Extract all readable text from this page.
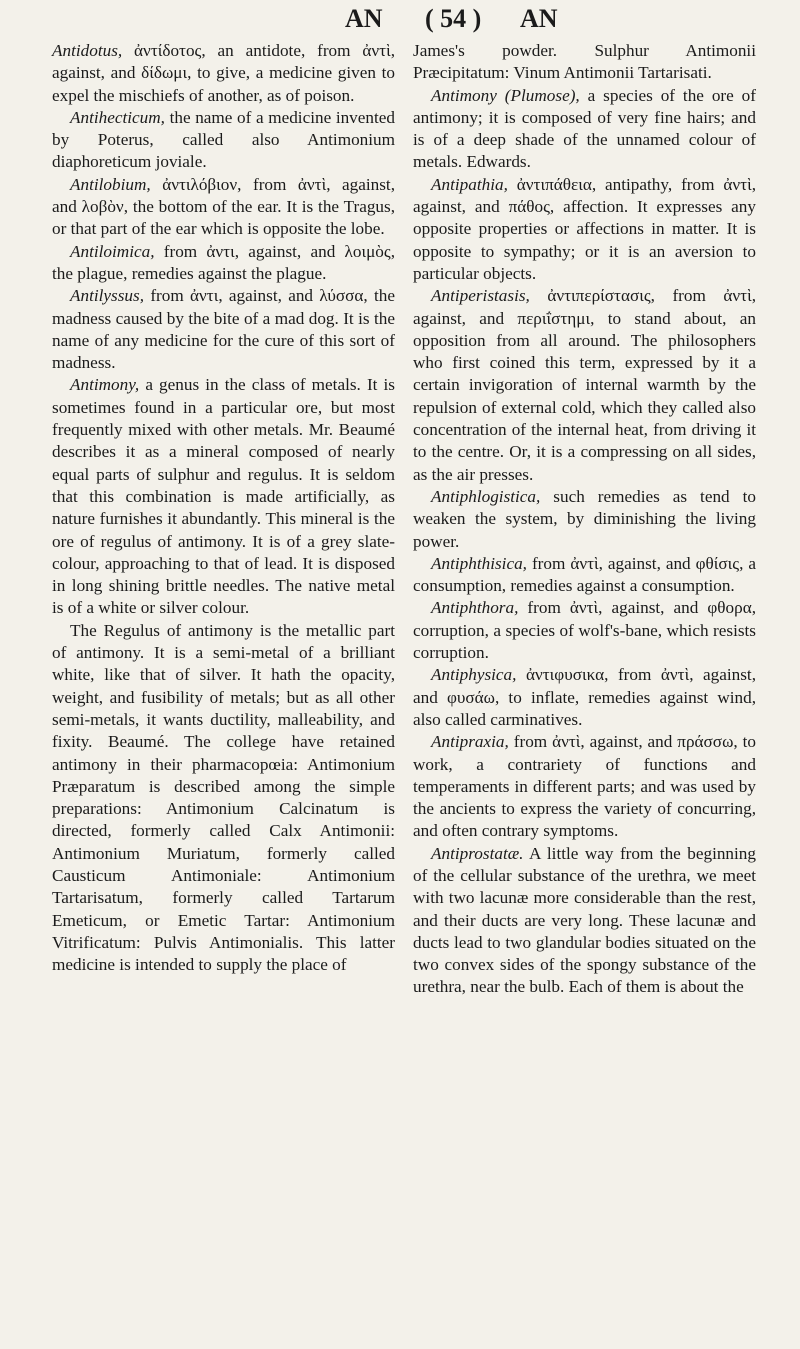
AN ( 54 ) AN

Antidotus, ἀντίδοτος, an antidote, from ἀντὶ, against, and δίδωμι, to give, a medicine given to expel the mischiefs of another, as of poison.

Antihecticum, the name of a medicine invented by Poterus, called also Antimonium diaphoreticum joviale.

Antilobium, ἀντιλόβιον, from ἀντὶ, against, and λοβὸν, the bottom of the ear. It is the Tragus, or that part of the ear which is opposite the lobe.

Antiloimica, from ἀντι, against, and λοιμὸς, the plague, remedies against the plague.

Antilyssus, from ἀντι, against, and λύσσα, the madness caused by the bite of a mad dog. It is the name of any medicine for the cure of this sort of madness.

Antimony, a genus in the class of metals. It is sometimes found in a particular ore, but most frequently mixed with other metals. Mr. Beaumé describes it as a mineral composed of nearly equal parts of sulphur and regulus. It is seldom that this combination is made artificially, as nature furnishes it abundantly. This mineral is the ore of regulus of antimony. It is of a grey slate-colour, approaching to that of lead. It is disposed in long shining brittle needles. The native metal is of a white or silver colour.

The Regulus of antimony is the metallic part of antimony. It is a semi-metal of a brilliant white, like that of silver. It hath the opacity, weight, and fusibility of metals; but as all other semi-metals, it wants ductility, malleability, and fixity. Beaumé. The college have retained antimony in their pharmacopœia: Antimonium Præparatum is described among the simple preparations: Antimonium Calcinatum is directed, formerly called Calx Antimonii: Antimonium Muriatum, formerly called Causticum Antimoniale: Antimonium Tartarisatum, formerly called Tartarum Emeticum, or Emetic Tartar: Antimonium Vitrificatum: Pulvis Antimonialis. This latter medicine is intended to supply the place of

James's powder. Sulphur Antimonii Præcipitatum: Vinum Antimonii Tartarisati.

Antimony (Plumose), a species of the ore of antimony; it is composed of very fine hairs; and is of a deep shade of the unnamed colour of metals. Edwards.

Antipathia, ἀντιπάθεια, antipathy, from ἀντὶ, against, and πάθος, affection. It expresses any opposite properties or affections in matter. It is opposite to sympathy; or it is an aversion to particular objects.

Antiperistasis, ἀντιπερίστασις, from ἀντὶ, against, and περιΐστημι, to stand about, an opposition from all around. The philosophers who first coined this term, expressed by it a certain invigoration of internal warmth by the repulsion of external cold, which they called also concentration of the internal heat, from driving it to the centre. Or, it is a compressing on all sides, as the air presses.

Antiphlogistica, such remedies as tend to weaken the system, by diminishing the living power.

Antiphthisica, from ἀντὶ, against, and φθίσις, a consumption, remedies against a consumption.

Antiphthora, from ἀντὶ, against, and φθορα, corruption, a species of wolf's-bane, which resists corruption.

Antiphysica, ἀντιφυσικα, from ἀντὶ, against, and φυσάω, to inflate, remedies against wind, also called carminatives.

Antipraxia, from ἀντὶ, against, and πράσσω, to work, a contrariety of functions and temperaments in different parts; and was used by the ancients to express the variety of concurring, and often contrary symptoms.

Antiprostatæ. A little way from the beginning of the cellular substance of the urethra, we meet with two lacunæ more considerable than the rest, and their ducts are very long. These lacunæ and ducts lead to two glandular bodies situated on the two convex sides of the spongy substance of the urethra, near the bulb. Each of them is about the
